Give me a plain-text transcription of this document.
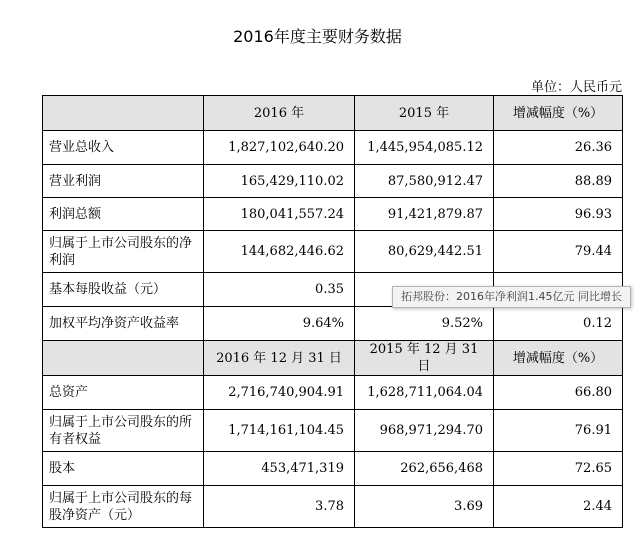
2016年度主要财务数据
单位：人民币元
	2016 年	2015 年	增减幅度（%）
营业总收入	1,827,102,640.20	1,445,954,085.12	26.36
营业利润	165,429,110.02	87,580,912.47	88.89
利润总额	180,041,557.24	91,421,879.87	96.93
归属于上市公司股东的净利润	144,682,446.62	80,629,442.51	79.44
基本每股收益（元）	0.35		
加权平均净资产收益率	9.64%	9.52%	0.12
	2016 年 12 月 31 日	2015 年 12 月 31 日	增减幅度（%）
总资产	2,716,740,904.91	1,628,711,064.04	66.80
归属于上市公司股东的所有者权益	1,714,161,104.45	968,971,294.70	76.91
股本	453,471,319	262,656,468	72.65
归属于上市公司股东的每股净资产（元）	3.78	3.69	2.44
拓邦股份：2016年净利润1.45亿元 同比增长
